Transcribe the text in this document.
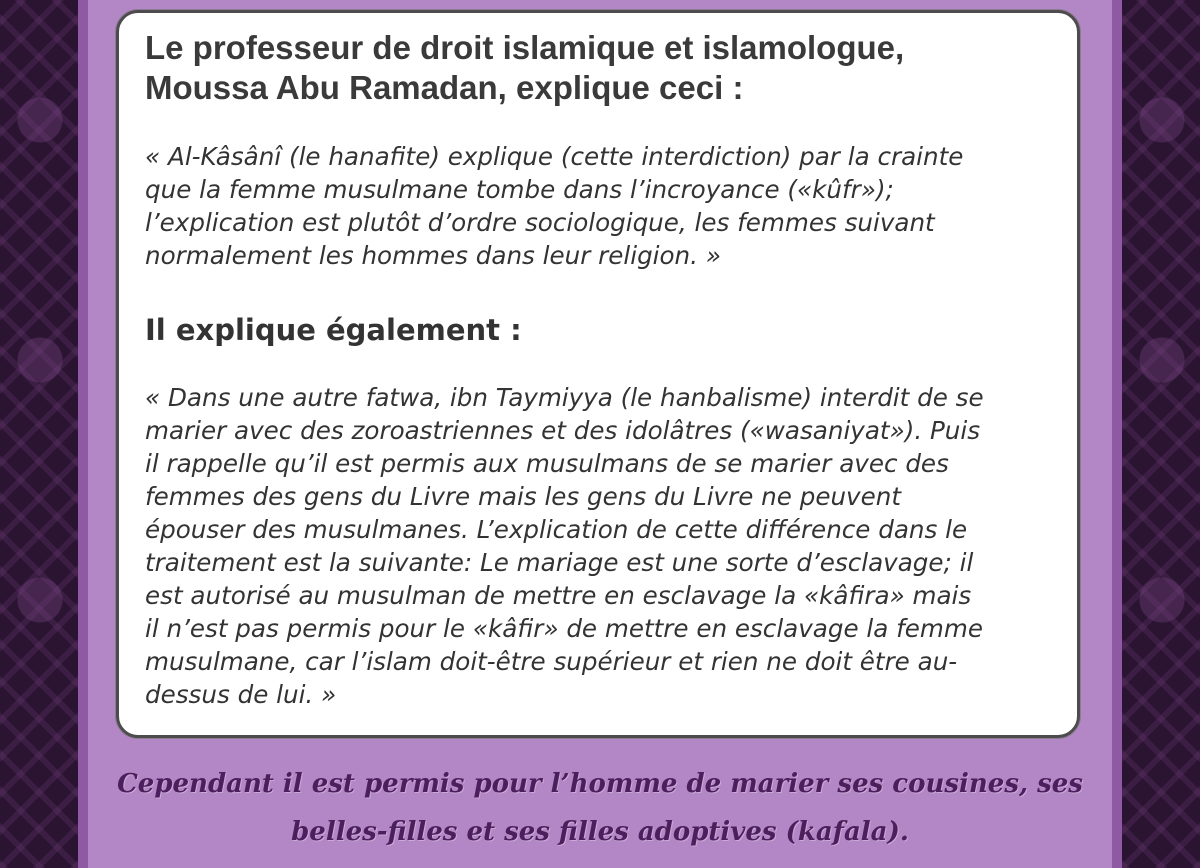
Le professeur de droit islamique et islamologue,
Moussa Abu Ramadan, explique ceci :

« Al-Kâsânî (le hanafite) explique (cette interdiction) par la crainte
que la femme musulmane tombe dans l’incroyance («kûfr»);
l’explication est plutôt d’ordre sociologique, les femmes suivant
normalement les hommes dans leur religion. »

Il explique également :

« Dans une autre fatwa, ibn Taymiyya (le hanbalisme) interdit de se
marier avec des zoroastriennes et des idolâtres («wasaniyat»). Puis
il rappelle qu’il est permis aux musulmans de se marier avec des
femmes des gens du Livre mais les gens du Livre ne peuvent
épouser des musulmanes. L’explication de cette différence dans le
traitement est la suivante: Le mariage est une sorte d’esclavage; il
est autorisé au musulman de mettre en esclavage la «kâfira» mais
il n’est pas permis pour le «kâfir» de mettre en esclavage la femme
musulmane, car l’islam doit-être supérieur et rien ne doit être au-
dessus de lui. »

Cependant il est permis pour l’homme de marier ses cousines, ses

belles-filles et ses filles adoptives (kafala).
